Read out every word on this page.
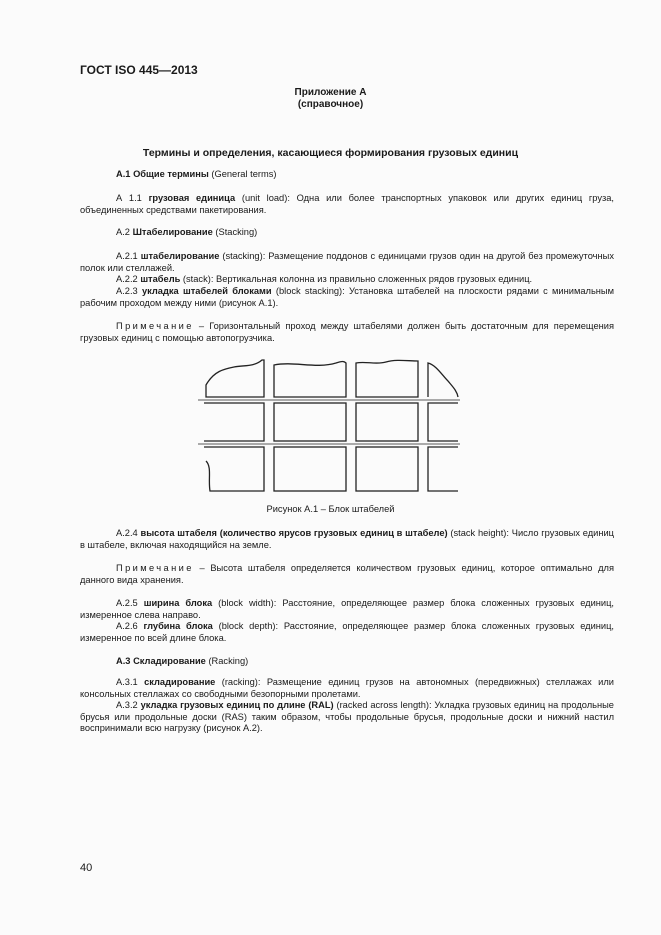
ГОСТ ISO 445—2013
Приложение А
(справочное)
Термины и определения, касающиеся формирования грузовых единиц

А.1 Общие термины (General terms)

А 1.1 грузовая единица (unit load): Одна или более транспортных упаковок или других единиц груза, объединенных средствами пакетирования.

А.2 Штабелирование (Stacking)

А.2.1 штабелирование (stacking): Размещение поддонов с единицами грузов один на другой без промежуточных полок или стеллажей.

А.2.2 штабель (stack): Вертикальная колонна из правильно сложенных рядов грузовых единиц.

А.2.3 укладка штабелей блоками (block stacking): Установка штабелей на плоскости рядами с минимальным рабочим проходом между ними (рисунок А.1).

Примечание – Горизонтальный проход между штабелями должен быть достаточным для перемещения грузовых единиц с помощью автопогрузчика.

Рисунок А.1 – Блок штабелей

А.2.4 высота штабеля (количество ярусов грузовых единиц в штабеле) (stack height): Число грузовых единиц в штабеле, включая находящийся на земле.

Примечание – Высота штабеля определяется количеством грузовых единиц, которое оптимально для данного вида хранения.

А.2.5 ширина блока (block width): Расстояние, определяющее размер блока сложенных грузовых единиц, измеренное слева направо.

А.2.6 глубина блока (block depth): Расстояние, определяющее размер блока сложенных грузовых единиц, измеренное по всей длине блока.

А.3 Складирование (Racking)

А.3.1 складирование (racking): Размещение единиц грузов на автономных (передвижных) стеллажах или консольных стеллажах со свободными безопорными пролетами.

А.3.2 укладка грузовых единиц по длине (RAL) (racked across length): Укладка грузовых единиц на продольные брусья или продольные доски (RAS) таким образом, чтобы продольные брусья, продольные доски и нижний настил воспринимали всю нагрузку (рисунок А.2).

40
